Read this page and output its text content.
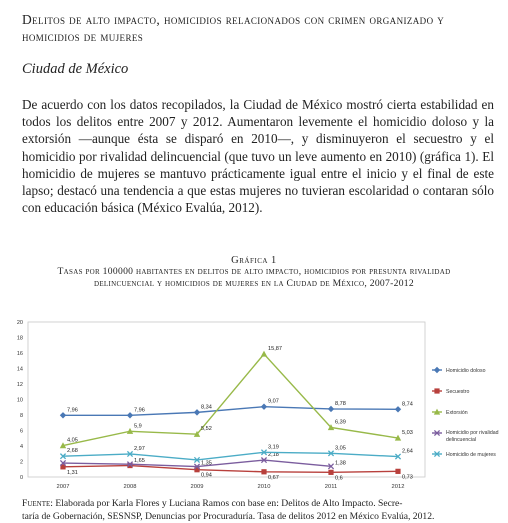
Delitos de alto impacto, homicidios relacionados con crimen organizado y homicidios de mujeres
Ciudad de México

De acuerdo con los datos recopilados, la Ciudad de México mostró cierta estabilidad en todos los delitos entre 2007 y 2012. Aumentaron levemente el homicidio doloso y la extorsión —aunque ésta se disparó en 2010—, y disminuyeron el secuestro y el homicidio por rivalidad delincuencial (que tuvo un leve aumento en 2010) (gráfica 1). El homicidio de mujeres se mantuvo prácticamente igual entre el inicio y el final de este lapso; destacó una tendencia a que estas mujeres no tuvieran escolaridad o contaran sólo con educación básica (México Evalúa, 2012).

Gráfica 1
Tasas por 100000 habitantes en delitos de alto impacto, homicidios por presunta rivalidad delincuencial y homicidios de mujeres en la Ciudad de México, 2007-2012
0
2
4
6
8
10
12
14
16
18
20
2007	2008	2009	2010	2011	2012
7,96	7,96	8,34
9,07	8,78	8,74
1,31	0,94	0,67	0,6	0,73
4,05
5,9	5,52
15,87
6,39
5,03
1,65	1,35
2,18
1,38
2,68	2,97	3,19	3,05
2,64
Homicidio doloso
Secuestro
Extorsión
Homicidio por rivalidad
delincuencial
Homicidio de mujeres
Fuente: Elaborada por Karla Flores y Luciana Ramos con base en: Delitos de Alto Impacto. Secre-
taría de Gobernación, SESNSP, Denuncias por Procuraduría. Tasa de delitos 2012 en México Evalúa, 2012.
